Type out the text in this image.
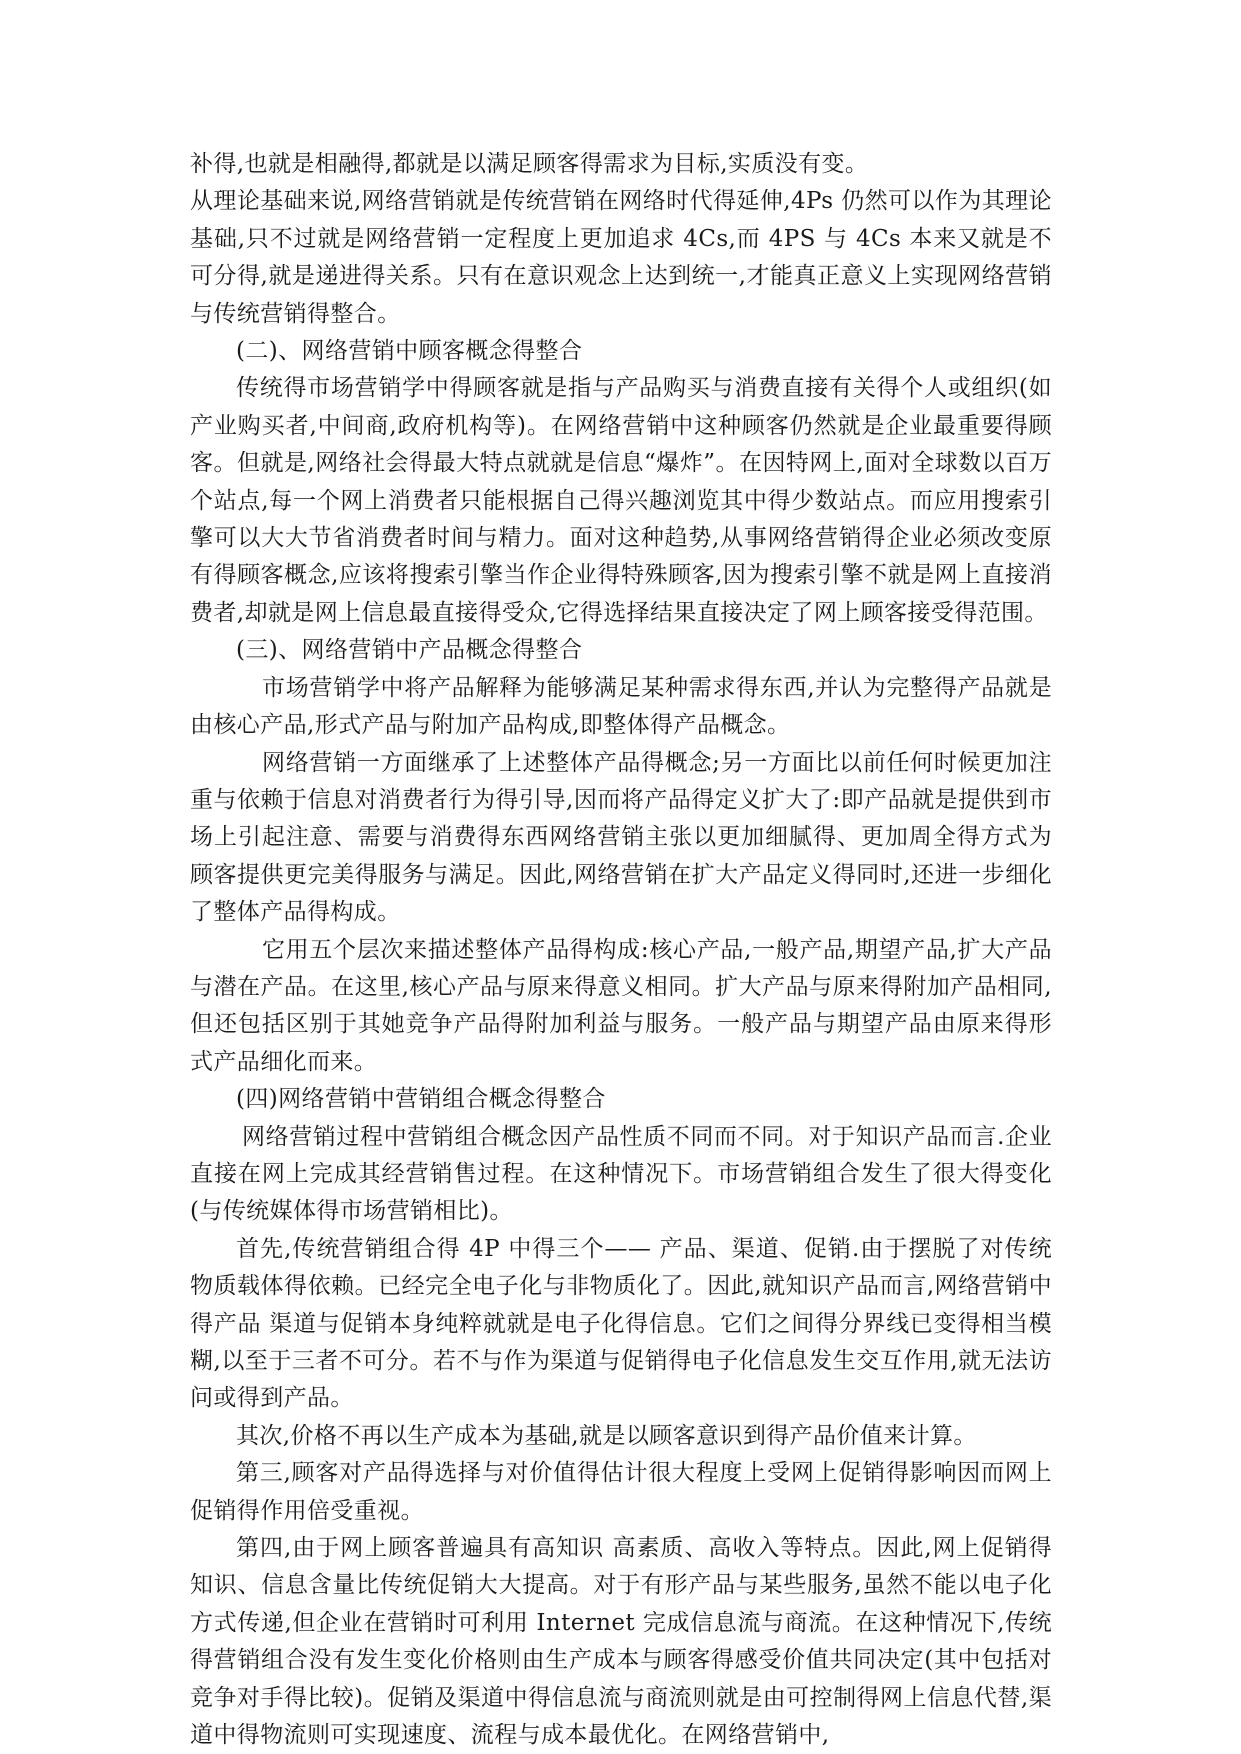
补得,也就是相融得,都就是以满足顾客得需求为目标,实质没有变。

从理论基础来说,网络营销就是传统营销在网络时代得延伸,4Ps 仍然可以作为其理论基础,只不过就是网络营销一定程度上更加追求 4Cs,而 4PS 与 4Cs 本来又就是不可分得,就是递进得关系。只有在意识观念上达到统一,才能真正意义上实现网络营销与传统营销得整合。

(二)、网络营销中顾客概念得整合

传统得市场营销学中得顾客就是指与产品购买与消费直接有关得个人或组织(如产业购买者,中间商,政府机构等)。在网络营销中这种顾客仍然就是企业最重要得顾客。但就是,网络社会得最大特点就就是信息“爆炸”。在因特网上,面对全球数以百万个站点,每一个网上消费者只能根据自己得兴趣浏览其中得少数站点。而应用搜索引擎可以大大节省消费者时间与精力。面对这种趋势,从事网络营销得企业必须改变原有得顾客概念,应该将搜索引擎当作企业得特殊顾客,因为搜索引擎不就是网上直接消费者,却就是网上信息最直接得受众,它得选择结果直接决定了网上顾客接受得范围。

(三)、网络营销中产品概念得整合

市场营销学中将产品解释为能够满足某种需求得东西,并认为完整得产品就是由核心产品,形式产品与附加产品构成,即整体得产品概念。

网络营销一方面继承了上述整体产品得概念;另一方面比以前任何时候更加注重与依赖于信息对消费者行为得引导,因而将产品得定义扩大了:即产品就是提供到市场上引起注意、需要与消费得东西网络营销主张以更加细腻得、更加周全得方式为顾客提供更完美得服务与满足。因此,网络营销在扩大产品定义得同时,还进一步细化了整体产品得构成。

它用五个层次来描述整体产品得构成:核心产品,一般产品,期望产品,扩大产品与潜在产品。在这里,核心产品与原来得意义相同。扩大产品与原来得附加产品相同,但还包括区别于其她竞争产品得附加利益与服务。一般产品与期望产品由原来得形式产品细化而来。

(四)网络营销中营销组合概念得整合

网络营销过程中营销组合概念因产品性质不同而不同。对于知识产品而言.企业直接在网上完成其经营销售过程。在这种情况下。市场营销组合发生了很大得变化(与传统媒体得市场营销相比)。

首先,传统营销组合得 4P 中得三个—— 产品、渠道、促销.由于摆脱了对传统物质载体得依赖。已经完全电子化与非物质化了。因此,就知识产品而言,网络营销中得产品 渠道与促销本身纯粹就就是电子化得信息。它们之间得分界线已变得相当模糊,以至于三者不可分。若不与作为渠道与促销得电子化信息发生交互作用,就无法访问或得到产品。

其次,价格不再以生产成本为基础,就是以顾客意识到得产品价值来计算。

第三,顾客对产品得选择与对价值得估计很大程度上受网上促销得影响因而网上促销得作用倍受重视。

第四,由于网上顾客普遍具有高知识 高素质、高收入等特点。因此,网上促销得知识、信息含量比传统促销大大提高。对于有形产品与某些服务,虽然不能以电子化方式传递,但企业在营销时可利用 Internet 完成信息流与商流。在这种情况下,传统得营销组合没有发生变化价格则由生产成本与顾客得感受价值共同决定(其中包括对竞争对手得比较)。促销及渠道中得信息流与商流则就是由可控制得网上信息代替,渠道中得物流则可实现速度、流程与成本最优化。在网络营销中,
